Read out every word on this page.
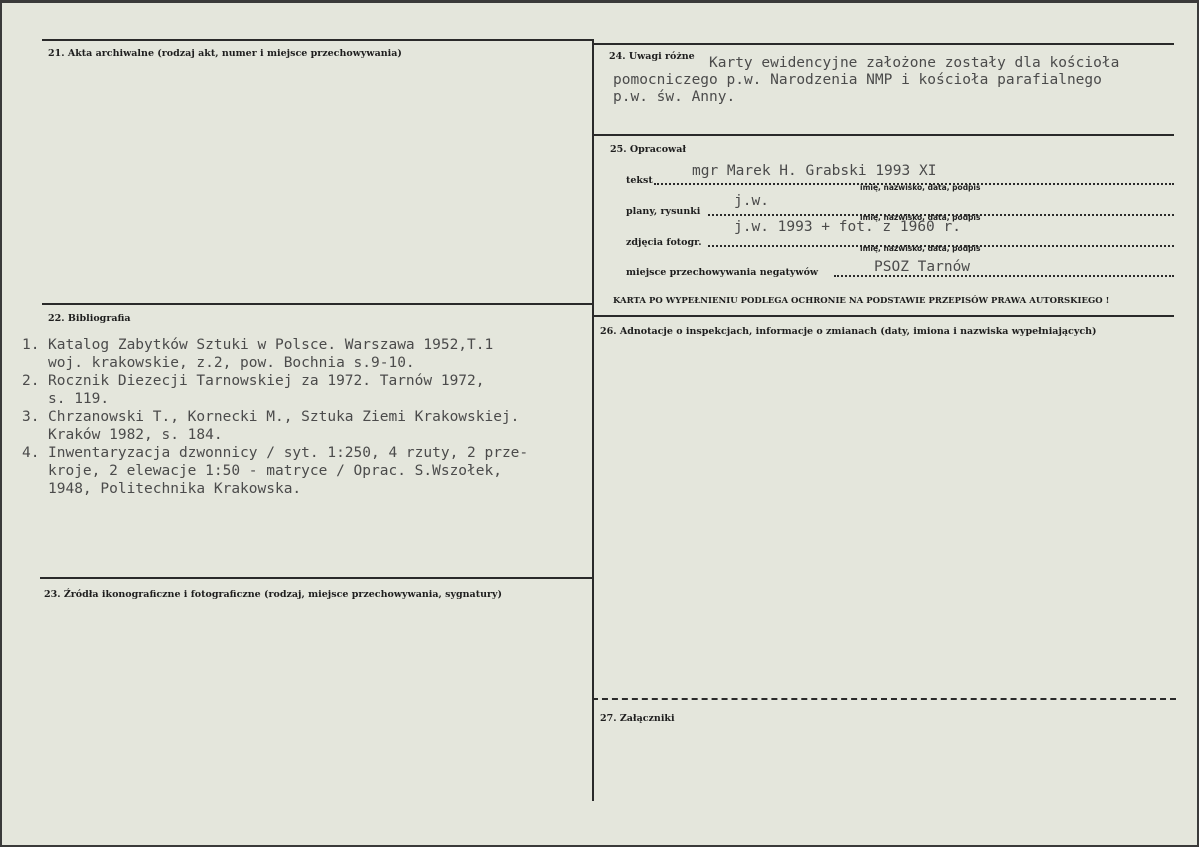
21. Akta archiwalne (rodzaj akt, numer i miejsce przechowywania)
22. Bibliografia
1. Katalog Zabytków Sztuki w Polsce. Warszawa 1952,T.1
woj. krakowskie, z.2, pow. Bochnia s.9-10.
2. Rocznik Diezecji Tarnowskiej za 1972. Tarnów 1972,
s. 119.
3. Chrzanowski T., Kornecki M., Sztuka Ziemi Krakowskiej.
Kraków 1982, s. 184.
4. Inwentaryzacja dzwonnicy / syt. 1:250, 4 rzuty, 2 prze-
kroje, 2 elewacje 1:50 - matryce / Oprac. S.Wszołek,
1948, Politechnika Krakowska.
23. Źródła ikonograficzne i fotograficzne (rodzaj, miejsce przechowywania, sygnatury)
24. Uwagi różne Karty ewidencyjne założone zostały dla kościoła
pomocniczego p.w. Narodzenia NMP i kościoła parafialnego
p.w. św. Anny.
25. Opracował
mgr Marek H. Grabski 1993 XI
tekst
imię, nazwisko, data, podpis
j.w.
plany, rysunki
imię, nazwisko, data, podpis
j.w. 1993 + fot. z 1960 r.
zdjęcia fotogr.
imię, nazwisko, data, podpis
PSOZ Tarnów
miejsce przechowywania negatywów
KARTA PO WYPEŁNIENIU PODLEGA OCHRONIE NA PODSTAWIE PRZEPISÓW PRAWA AUTORSKIEGO !
26. Adnotacje o inspekcjach, informacje o zmianach (daty, imiona i nazwiska wypełniających)
27. Załączniki
